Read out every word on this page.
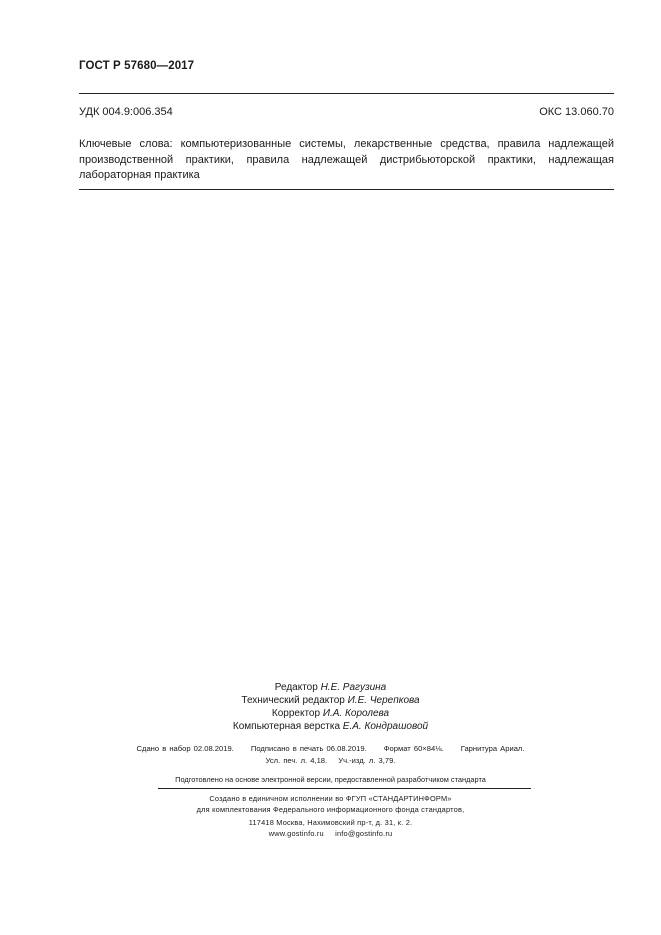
ГОСТ Р 57680—2017
УДК 004.9:006.354	ОКС 13.060.70
Ключевые слова: компьютеризованные системы, лекарственные средства, правила надлежащей производственной практики, правила надлежащей дистрибьюторской практики, надлежащая лабораторная практика
Редактор Н.Е. Рагузина
Технический редактор И.Е. Черепкова
Корректор И.А. Королева
Компьютерная верстка Е.А. Кондрашовой
Сдано в набор 02.08.2019. Подписано в печать 06.08.2019. Формат 60×84⅛. Гарнитура Ариал.
Усл. печ. л. 4,18. Уч.-изд. л. 3,79.
Подготовлено на основе электронной версии, предоставленной разработчиком стандарта
Создано в единичном исполнении во ФГУП «СТАНДАРТИНФОРМ»
для комплектования Федерального информационного фонда стандартов,
117418 Москва, Нахимовский пр-т, д. 31, к. 2.
www.gostinfo.ru info@gostinfo.ru
